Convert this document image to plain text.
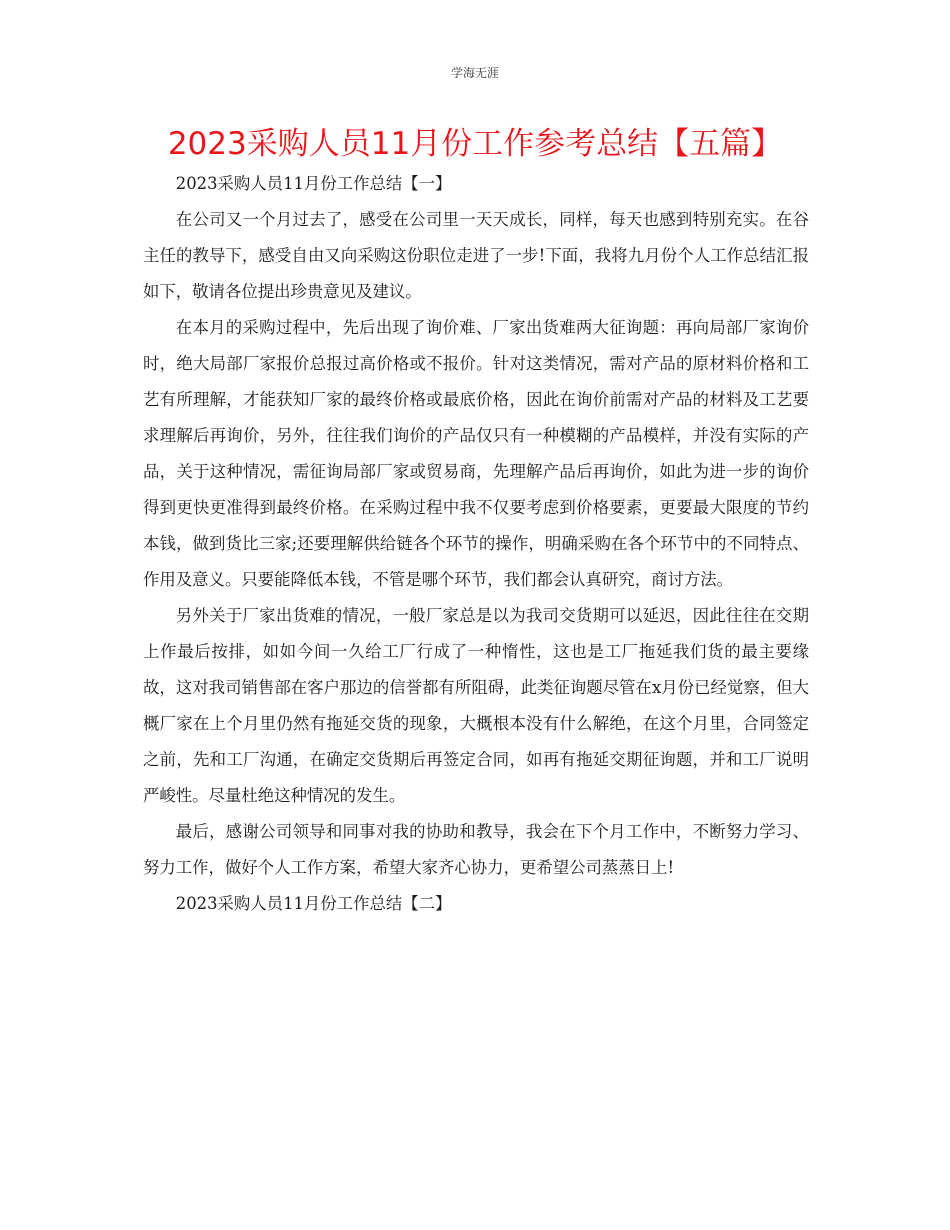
学海无涯
2023采购人员11月份工作参考总结【五篇】

2023采购人员11月份工作总结【一】

在公司又一个月过去了，感受在公司里一天天成长，同样，每天也感到特别充实。在谷主任的教导下，感受自由又向采购这份职位走进了一步!下面，我将九月份个人工作总结汇报如下，敬请各位提出珍贵意见及建议。

在本月的采购过程中，先后出现了询价难、厂家出货难两大征询题：再向局部厂家询价时，绝大局部厂家报价总报过高价格或不报价。针对这类情况，需对产品的原材料价格和工艺有所理解，才能获知厂家的最终价格或最底价格，因此在询价前需对产品的材料及工艺要求理解后再询价，另外，往往我们询价的产品仅只有一种模糊的产品模样，并没有实际的产品，关于这种情况，需征询局部厂家或贸易商，先理解产品后再询价，如此为进一步的询价得到更快更准得到最终价格。在采购过程中我不仅要考虑到价格要素，更要最大限度的节约本钱，做到货比三家;还要理解供给链各个环节的操作，明确采购在各个环节中的不同特点、作用及意义。只要能降低本钱，不管是哪个环节，我们都会认真研究，商讨方法。

另外关于厂家出货难的情况，一般厂家总是以为我司交货期可以延迟，因此往往在交期上作最后按排，如如今间一久给工厂行成了一种惰性，这也是工厂拖延我们货的最主要缘故，这对我司销售部在客户那边的信誉都有所阻碍，此类征询题尽管在x月份已经觉察，但大概厂家在上个月里仍然有拖延交货的现象，大概根本没有什么解绝，在这个月里，合同签定之前，先和工厂沟通，在确定交货期后再签定合同，如再有拖延交期征询题，并和工厂说明严峻性。尽量杜绝这种情况的发生。

最后，感谢公司领导和同事对我的协助和教导，我会在下个月工作中，不断努力学习、努力工作，做好个人工作方案，希望大家齐心协力，更希望公司蒸蒸日上!

2023采购人员11月份工作总结【二】
